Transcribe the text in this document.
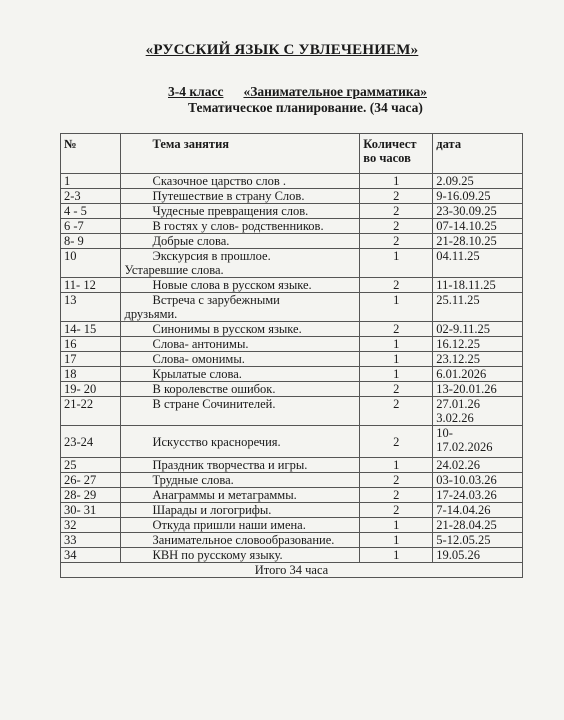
«РУССКИЙ ЯЗЫК С УВЛЕЧЕНИЕМ»
3-4 класс «Занимательное грамматика»
Тематическое планирование. (34 часа)
№	Тема занятия	Количест
во часов	дата
1	Сказочное царство слов .	1	2.09.25

2-3	Путешествие в страну Слов.	2	9-16.09.25

4 - 5	Чудесные превращения слов.	2	23-30.09.25

6 -7	В гостях у слов- родственников.	2	07-14.10.25

8- 9	Добрые слова.	2	21-28.10.25

10	Экскурсия в прошлое.
Устаревшие слова.	1	04.11.25

11- 12	Новые слова в русском языке.	2	11-18.11.25

13	Встреча с зарубежными
друзьями.	1	25.11.25

14- 15	Синонимы в русском языке.	2	02-9.11.25

16	Слова- антонимы.	1	16.12.25

17	Слова- омонимы.	1	23.12.25

18	Крылатые слова.	1	6.01.2026

19- 20	В королевстве ошибок.	2	13-20.01.26

21-22	В стране Сочинителей.	2	27.01.26
3.02.26

23-24	Искусство красноречия.	2	10-
17.02.2026

25	Праздник творчества и игры.	1	24.02.26

26- 27	Трудные слова.	2	03-10.03.26

28- 29	Анаграммы и метаграммы.	2	17-24.03.26

30- 31	Шарады и логогрифы.	2	7-14.04.26

32	Откуда пришли наши имена.	1	21-28.04.25

33	Занимательное словообразование.	1	5-12.05.25

34	КВН по русскому языку.	1	19.05.26

Итого 34 часа			
